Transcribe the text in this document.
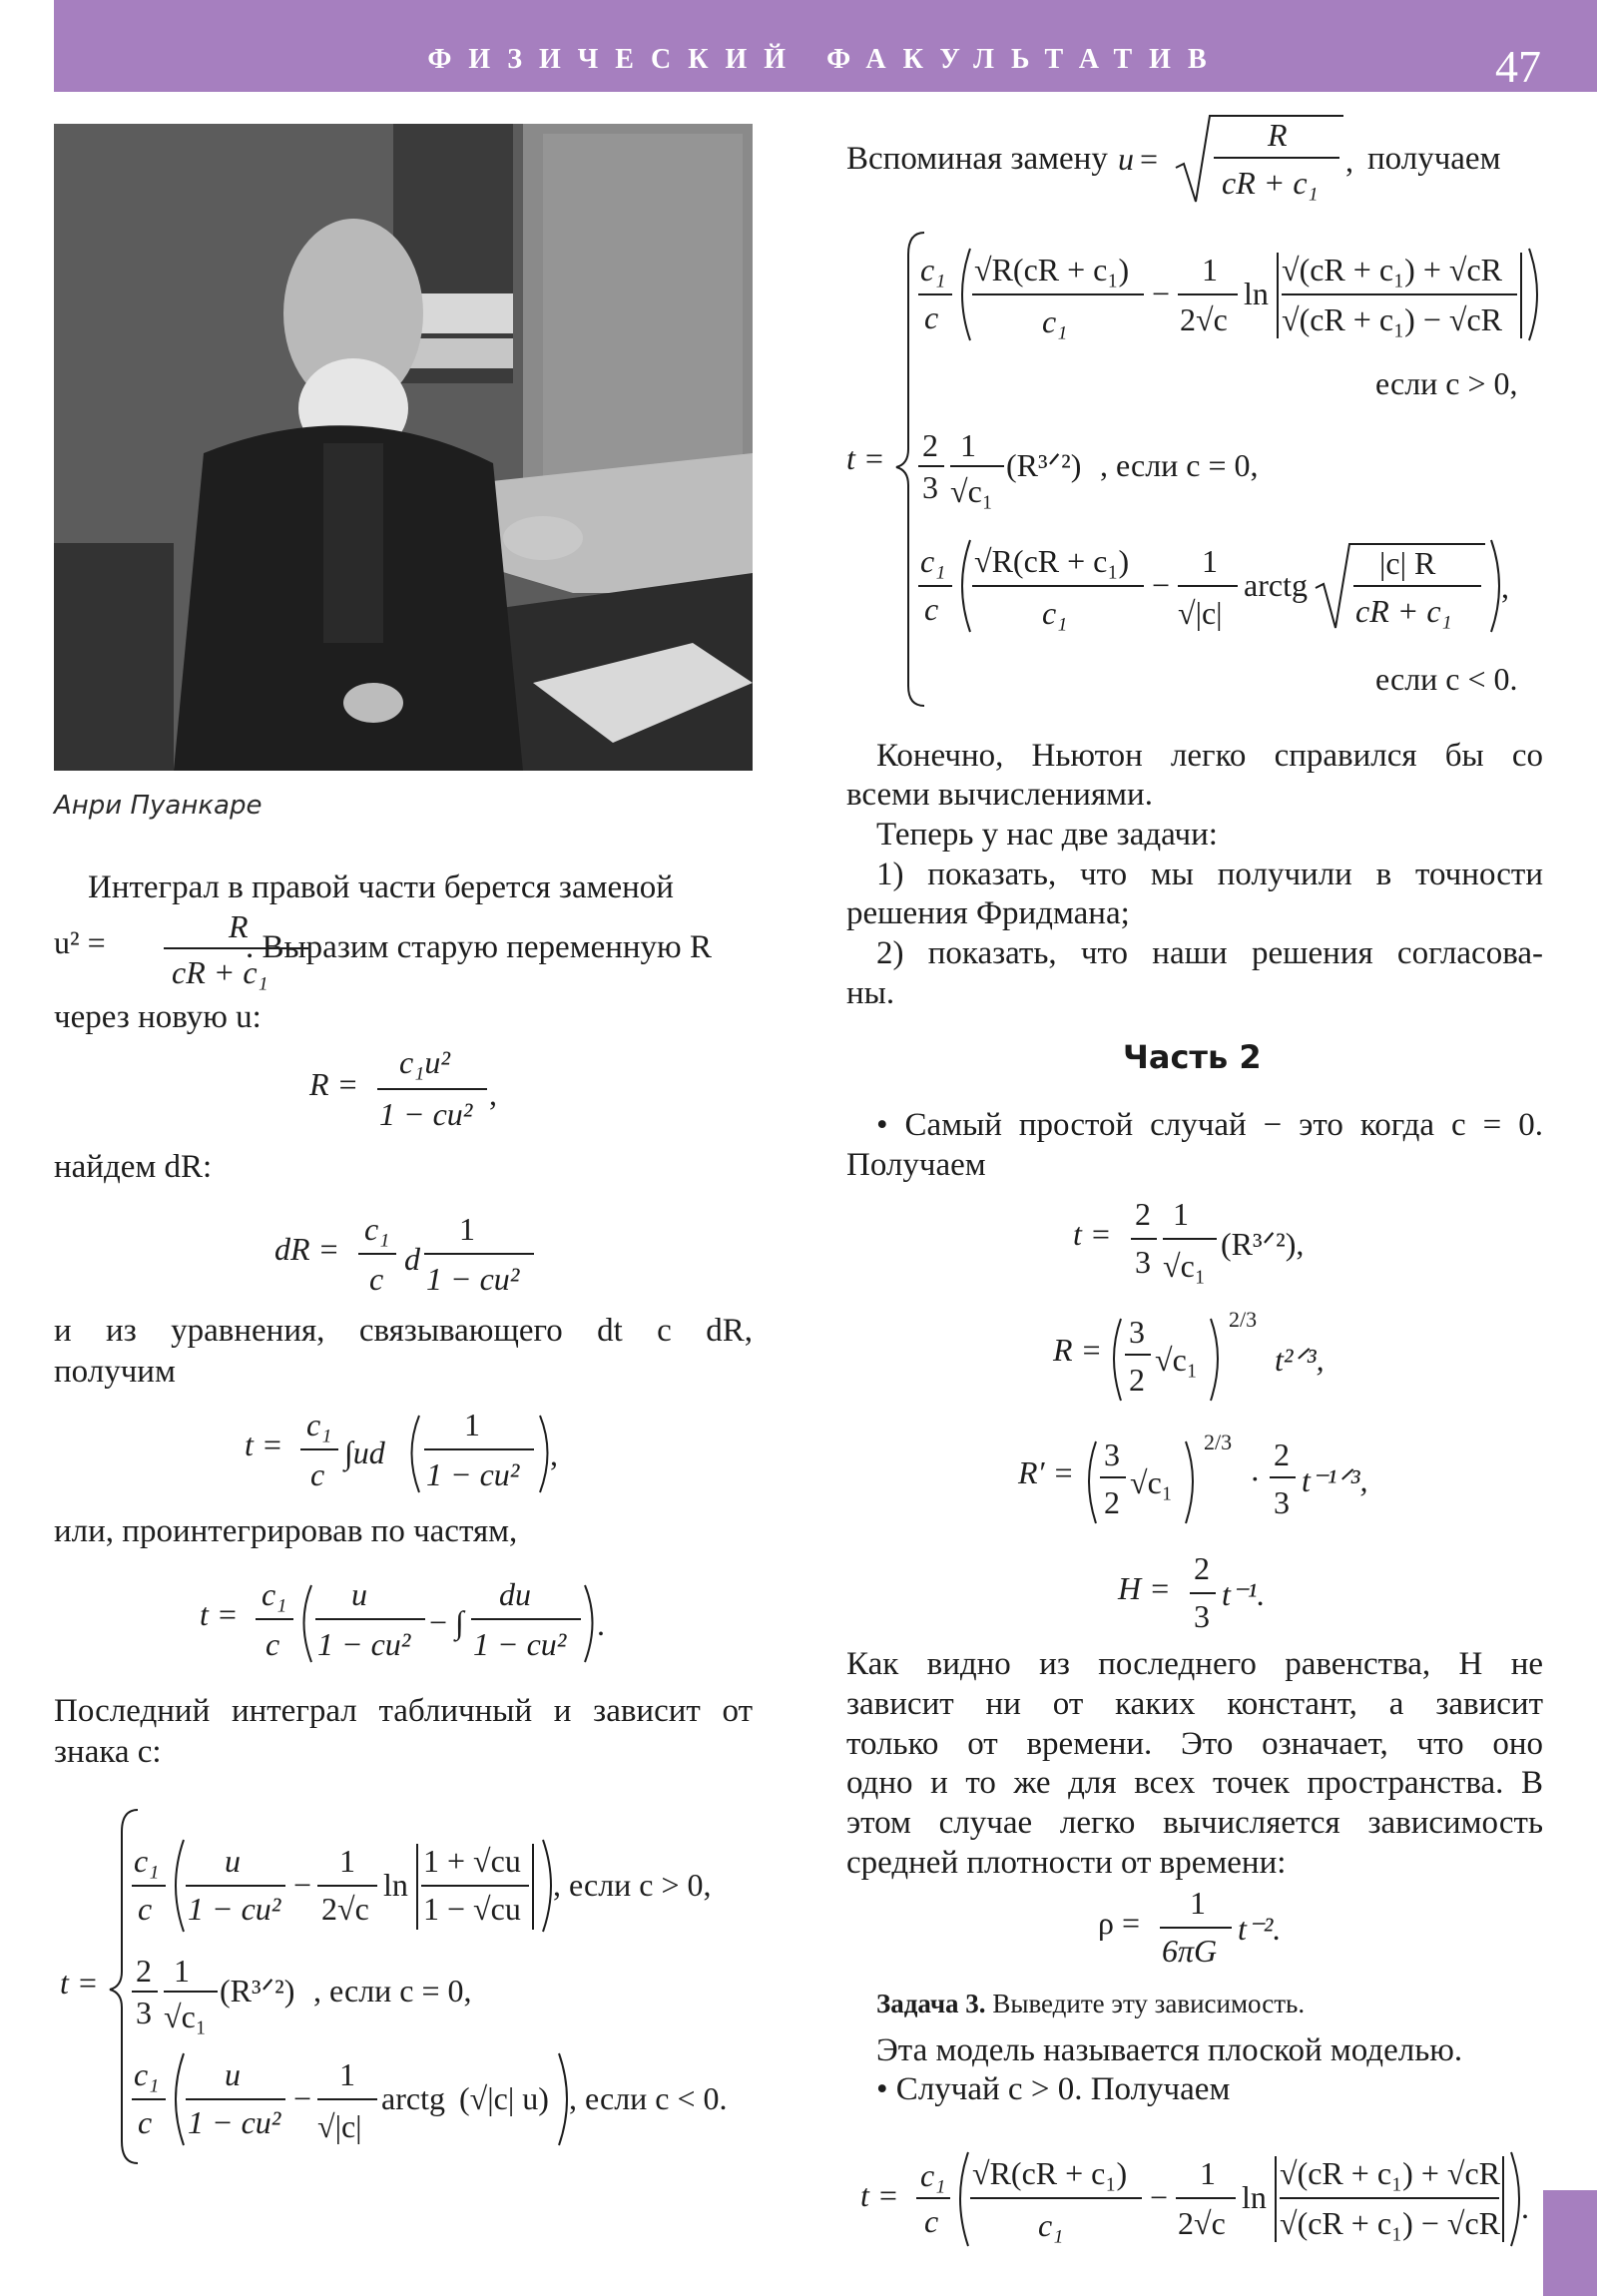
ФИЗИЧЕСКИЙ ФАКУЛЬТАТИВ	47
Анри Пуанкаре

Интеграл в правой части берется заменой

u² =	R
cR + c₁

. Выразим старую переменную R

через новую u:

R =
c₁u²
1 − cu²
,

найдем dR:

dR =
c₁
c
d
1
1 − cu²

и из уравнения, связывающего dt с dR,

получим

t =
c₁
c
∫ud
1
1 − cu²
,

или, проинтегрировав по частям,

t =
c₁
c
u
1 − cu²
− ∫
du
1 − cu²
.

Последний интеграл табличный и зависит от

знака c:

t =
c₁
c
u
1 − cu²
−
1
2√c
ln
1 + √cu
1 − √cu
, если c > 0,
2
3
1
√c₁
(R³ᐟ²) , если c = 0,
c₁
c
u
1 − cu²
−
1
√|c|
arctg (√|c| u) , если c < 0.

Вспоминая замену u =
R
cR + c₁
, получаем

t =
c₁
c
√R(cR + c₁)
c₁
−
1
2√c
ln
√(cR + c₁) + √cR
√(cR + c₁) − √cR
если c > 0,
2
3
1
√c₁
(R³ᐟ²) , если c = 0,
c₁
c
√R(cR + c₁)
c₁
−
1
√|c|
arctg
|c| R
cR + c₁
,
если c < 0.

Конечно, Ньютон легко справился бы со

всеми вычислениями.

Теперь у нас две задачи:

1) показать, что мы получили в точности

решения Фридмана;

2) показать, что наши решения согласова-

ны.

Часть 2

• Самый простой случай − это когда c = 0.

Получаем

t =
2
3
1
√c₁
(R³ᐟ²),
R = 3
2
√c₁
2/3
t²ᐟ³,
R′ = 3
2
√c₁
2/3
·
2
3
t⁻¹ᐟ³,
H =
2
3
t⁻¹.

Как видно из последнего равенства, H не

зависит ни от каких констант, а зависит

только от времени. Это означает, что оно

одно и то же для всех точек пространства. В

этом случае легко вычисляется зависимость

средней плотности от времени:

ρ =
1
6πG
t⁻².

Задача 3. Выведите эту зависимость.

Эта модель называется плоской моделью.

• Случай c > 0. Получаем

t =
c₁
c
√R(cR + c₁)
c₁
−
1
2√c
ln
√(cR + c₁) + √cR
√(cR + c₁) − √cR .
